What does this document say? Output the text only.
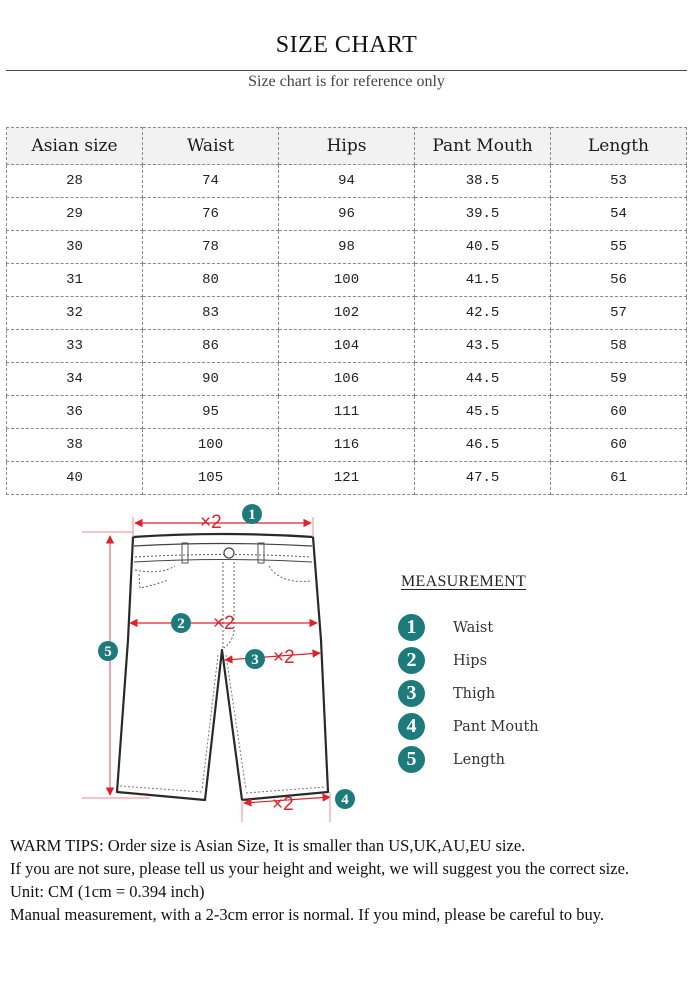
SIZE CHART
Size chart is for reference only
Asian size	Waist	Hips	Pant Mouth	Length
28	74	94	38.5	53
29	76	96	39.5	54
30	78	98	40.5	55
31	80	100	41.5	56
32	83	102	42.5	57
33	86	104	43.5	58
34	90	106	44.5	59
36	95	111	45.5	60
38	100	116	46.5	60
40	105	121	47.5	61
×2
×2
×2
×2
1
2
3
4
5
MEASUREMENT
1	Waist
2	Hips
3	Thigh
4	Pant Mouth
5	Length

WARM TIPS: Order size is Asian Size, It is smaller than US,UK,AU,EU size.

If you are not sure, please tell us your height and weight, we will suggest you the correct size.

Unit: CM (1cm = 0.394 inch)

Manual measurement, with a 2-3cm error is normal. If you mind, please be careful to buy.
